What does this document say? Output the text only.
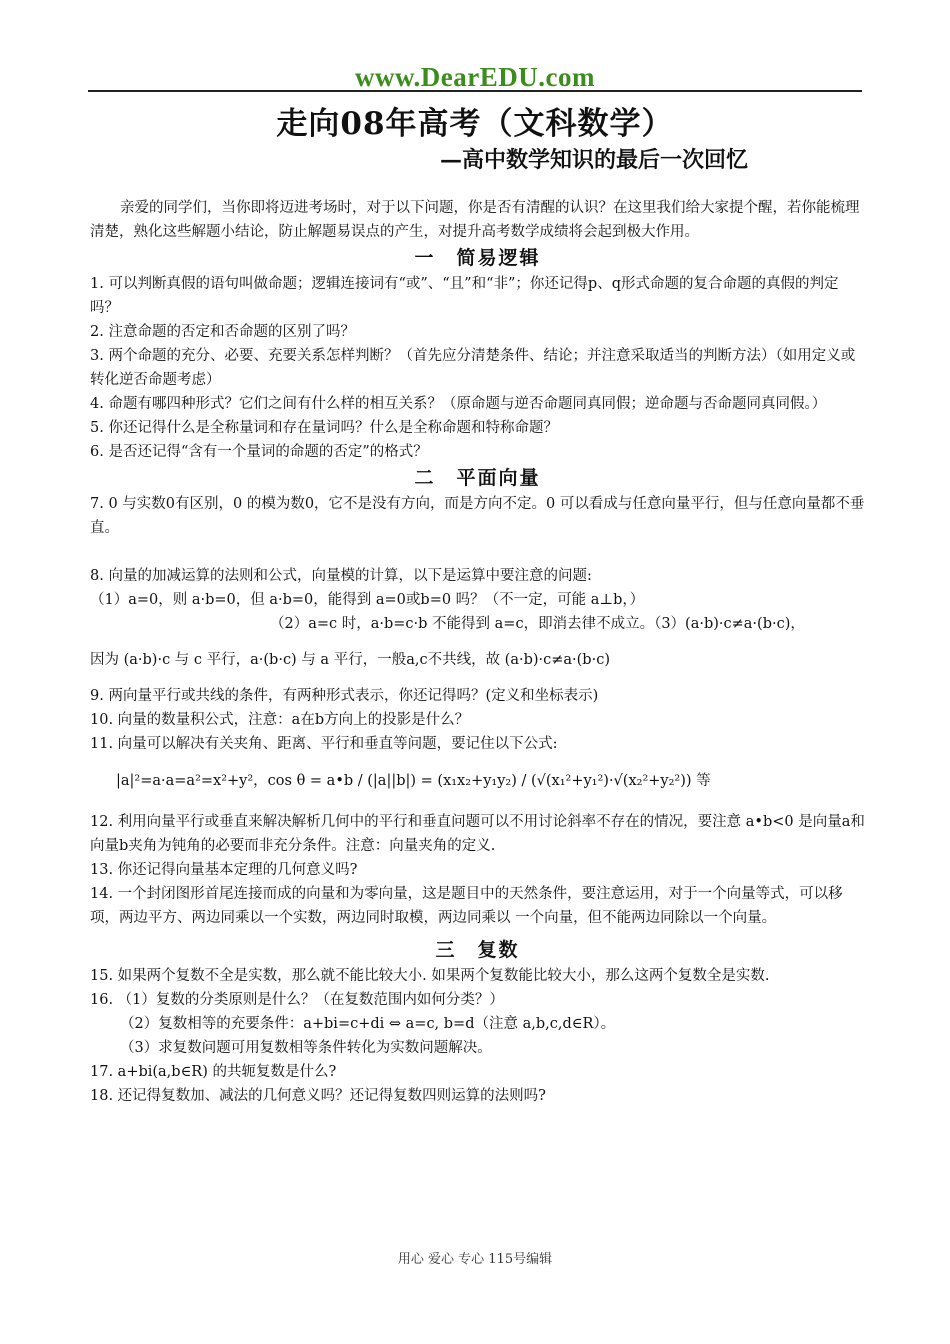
www.DearEDU.com
走向08年高考（文科数学）
—高中数学知识的最后一次回忆

亲爱的同学们，当你即将迈进考场时，对于以下问题，你是否有清醒的认识？在这里我们给大家提个醒，若你能梳理清楚，熟化这些解题小结论，防止解题易误点的产生，对提升高考数学成绩将会起到极大作用。

一　简易逻辑

1. 可以判断真假的语句叫做命题；逻辑连接词有“或”、“且”和“非”；你还记得p、q形式命题的复合命题的真假的判定吗？

2. 注意命题的否定和否命题的区别了吗？

3. 两个命题的充分、必要、充要关系怎样判断？（首先应分清楚条件、结论；并注意采取适当的判断方法）（如用定义或转化逆否命题考虑）

4. 命题有哪四种形式？它们之间有什么样的相互关系？（原命题与逆否命题同真同假；逆命题与否命题同真同假。）

5. 你还记得什么是全称量词和存在量词吗？什么是全称命题和特称命题？

6. 是否还记得“含有一个量词的命题的否定”的格式？

二　平面向量

7. 0 与实数0有区别，0 的模为数0，它不是没有方向，而是方向不定。0 可以看成与任意向量平行，但与任意向量都不垂直。

8. 向量的加减运算的法则和公式，向量模的计算，以下是运算中要注意的问题:

（1）a=0，则 a·b=0，但 a·b=0，能得到 a=0或b=0 吗？（不一定，可能 a⊥b，）

（2）a=c 时，a·b=c·b 不能得到 a=c，即消去律不成立。（3）(a·b)·c≠a·(b·c)，

因为 (a·b)·c 与 c 平行，a·(b·c) 与 a 平行，一般a,c不共线，故 (a·b)·c≠a·(b·c)

9. 两向量平行或共线的条件，有两种形式表示，你还记得吗？(定义和坐标表示)

10. 向量的数量积公式，注意：a在b方向上的投影是什么？

11. 向量可以解决有关夹角、距离、平行和垂直等问题，要记住以下公式:

|a|²=a·a=a²=x²+y²，cos θ = a•b / (|a||b|) = (x₁x₂+y₁y₂) / (√(x₁²+y₁²)·√(x₂²+y₂²)) 等

12. 利用向量平行或垂直来解决解析几何中的平行和垂直问题可以不用讨论斜率不存在的情况，要注意 a•b<0 是向量a和向量b夹角为钝角的必要而非充分条件。注意：向量夹角的定义.

13. 你还记得向量基本定理的几何意义吗?

14. 一个封闭图形首尾连接而成的向量和为零向量，这是题目中的天然条件，要注意运用，对于一个向量等式，可以移项，两边平方、两边同乘以一个实数，两边同时取模，两边同乘以 一个向量，但不能两边同除以一个向量。

三　复数

15. 如果两个复数不全是实数，那么就不能比较大小. 如果两个复数能比较大小，那么这两个复数全是实数.

16. （1）复数的分类原则是什么？（在复数范围内如何分类？）

（2）复数相等的充要条件：a+bi=c+di ⇔ a=c, b=d（注意 a,b,c,d∈R）。

（3）求复数问题可用复数相等条件转化为实数问题解决。

17. a+bi(a,b∈R) 的共轭复数是什么?

18. 还记得复数加、减法的几何意义吗？还记得复数四则运算的法则吗?

用心 爱心 专心 115号编辑
